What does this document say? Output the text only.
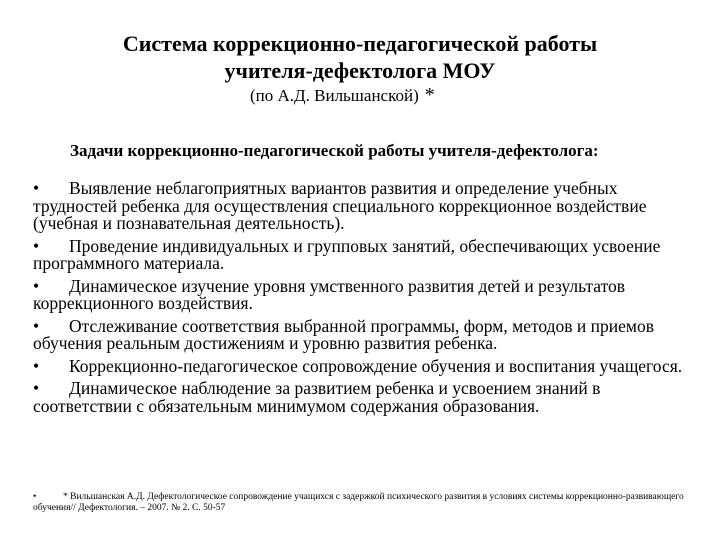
Система коррекционно-педагогической работы
учителя-дефектолога МОУ
(по А.Д. Вильшанской) *
Задачи коррекционно-педагогической работы учителя-дефектолога:
• Выявление неблагоприятных вариантов развития и определение учебных трудностей ребенка для осуществления специального коррекционное воздействие (учебная и познавательная деятельность).
• Проведение индивидуальных и групповых занятий, обеспечивающих усвоение программного материала.
• Динамическое изучение уровня умственного развития детей и результатов коррекционного воздействия.
• Отслеживание соответствия выбранной программы, форм, методов и приемов обучения реальным достижениям и уровню развития ребенка.
• Коррекционно-педагогическое сопровождение обучения и воспитания учащегося.
• Динамическое наблюдение за развитием ребенка и усвоением знаний в соответствии с обязательным минимумом содержания образования.
•	* Вильшанская А.Д. Дефектологическое сопровождение учащихся с задержкой психического развития в условиях системы коррекционно-развивающего обучения// Дефектология. – 2007. № 2. С. 50-57
